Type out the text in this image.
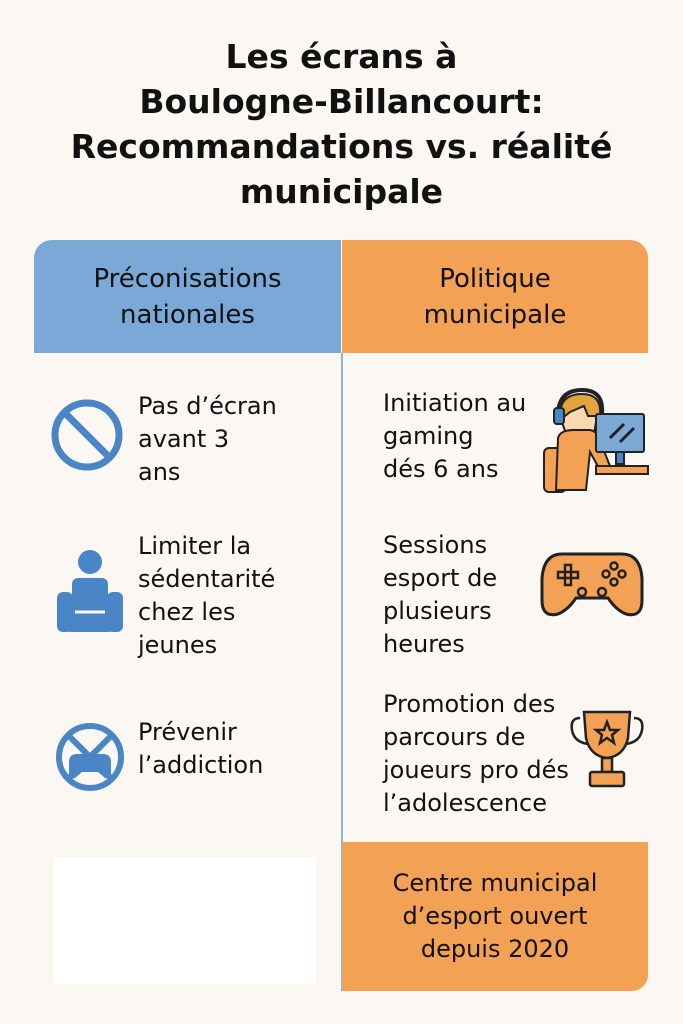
Les écrans à
Boulogne-Billancourt:
Recommandations vs. réalité
municipale
Préconisations
nationales
Politique
municipale
Pas d’écran
avant 3
ans
Limiter la
sédentarité
chez les
jeunes
Prévenir
l’addiction
Initiation au
gaming
dés 6 ans
Sessions
esport de
plusieurs
heures
Promotion des
parcours de
joueurs pro dés
l’adolescence
Centre municipal
d’esport ouvert
depuis 2020
